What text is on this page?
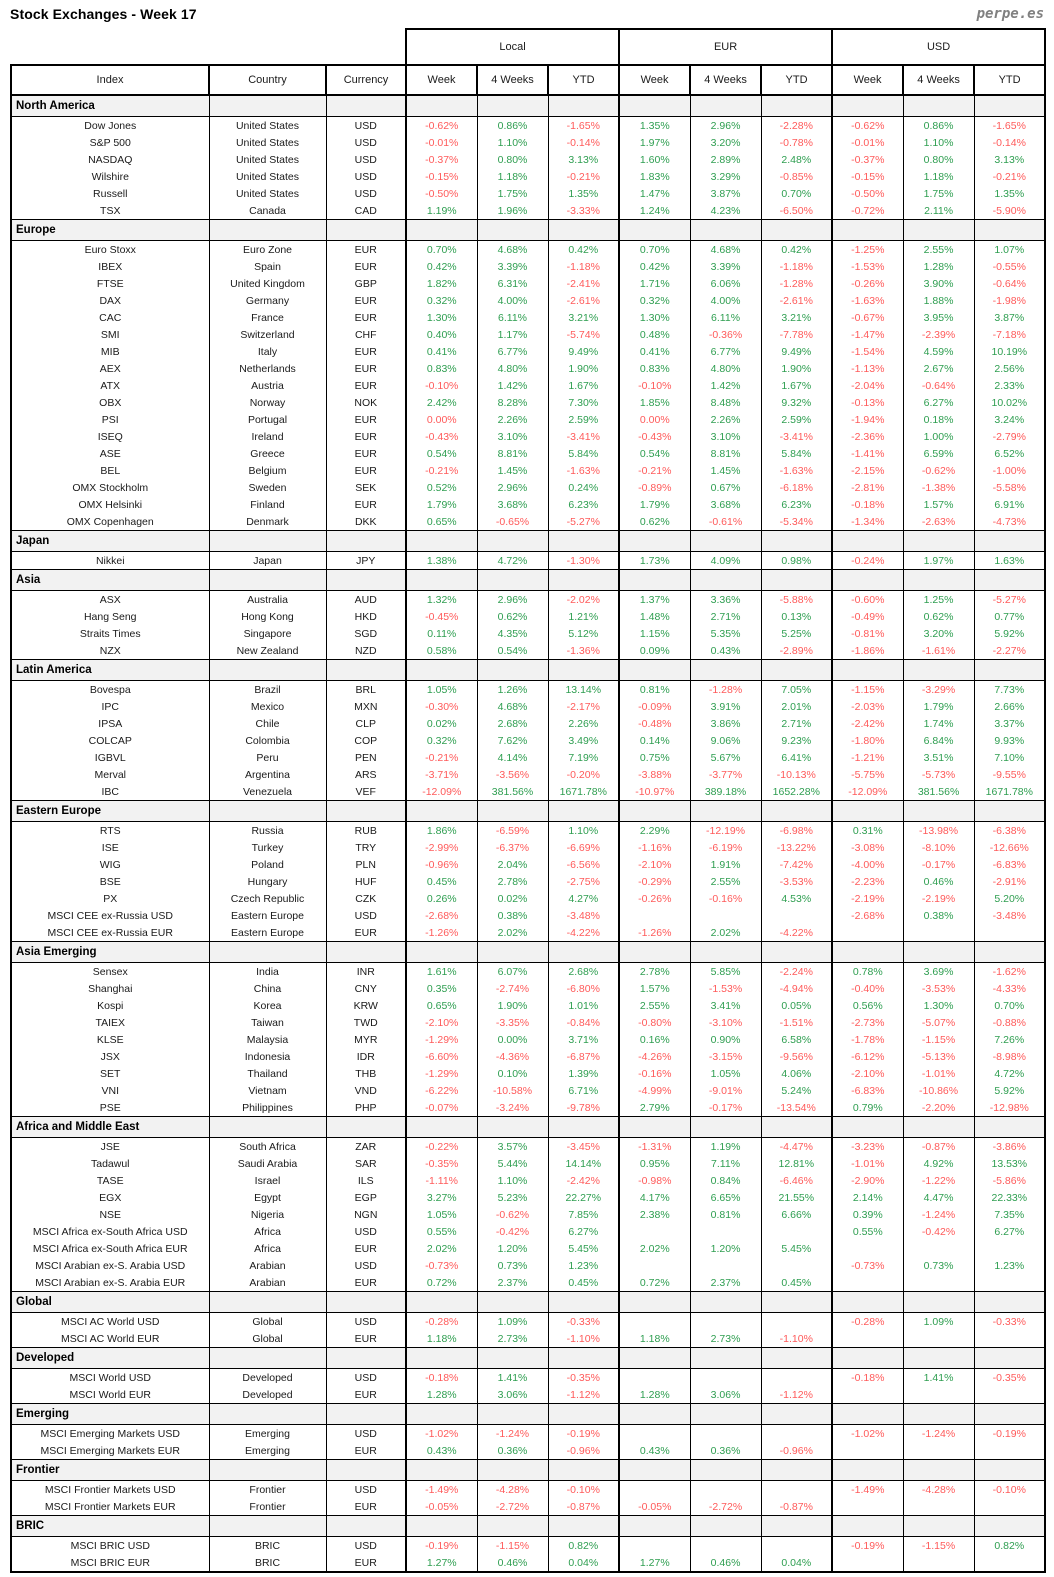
Stock Exchanges - Week 17	perpe.es
			Local			EUR			USD		
Index	Country	Currency	Week	4 Weeks	YTD	Week	4 Weeks	YTD	Week	4 Weeks	YTD
North America											
Dow Jones	United States	USD	-0.62%	0.86%	-1.65%	1.35%	2.96%	-2.28%	-0.62%	0.86%	-1.65%
S&P 500	United States	USD	-0.01%	1.10%	-0.14%	1.97%	3.20%	-0.78%	-0.01%	1.10%	-0.14%
NASDAQ	United States	USD	-0.37%	0.80%	3.13%	1.60%	2.89%	2.48%	-0.37%	0.80%	3.13%
Wilshire	United States	USD	-0.15%	1.18%	-0.21%	1.83%	3.29%	-0.85%	-0.15%	1.18%	-0.21%
Russell	United States	USD	-0.50%	1.75%	1.35%	1.47%	3.87%	0.70%	-0.50%	1.75%	1.35%
TSX	Canada	CAD	1.19%	1.96%	-3.33%	1.24%	4.23%	-6.50%	-0.72%	2.11%	-5.90%
Europe											
Euro Stoxx	Euro Zone	EUR	0.70%	4.68%	0.42%	0.70%	4.68%	0.42%	-1.25%	2.55%	1.07%
IBEX	Spain	EUR	0.42%	3.39%	-1.18%	0.42%	3.39%	-1.18%	-1.53%	1.28%	-0.55%
FTSE	United Kingdom	GBP	1.82%	6.31%	-2.41%	1.71%	6.06%	-1.28%	-0.26%	3.90%	-0.64%
DAX	Germany	EUR	0.32%	4.00%	-2.61%	0.32%	4.00%	-2.61%	-1.63%	1.88%	-1.98%
CAC	France	EUR	1.30%	6.11%	3.21%	1.30%	6.11%	3.21%	-0.67%	3.95%	3.87%
SMI	Switzerland	CHF	0.40%	1.17%	-5.74%	0.48%	-0.36%	-7.78%	-1.47%	-2.39%	-7.18%
MIB	Italy	EUR	0.41%	6.77%	9.49%	0.41%	6.77%	9.49%	-1.54%	4.59%	10.19%
AEX	Netherlands	EUR	0.83%	4.80%	1.90%	0.83%	4.80%	1.90%	-1.13%	2.67%	2.56%
ATX	Austria	EUR	-0.10%	1.42%	1.67%	-0.10%	1.42%	1.67%	-2.04%	-0.64%	2.33%
OBX	Norway	NOK	2.42%	8.28%	7.30%	1.85%	8.48%	9.32%	-0.13%	6.27%	10.02%
PSI	Portugal	EUR	0.00%	2.26%	2.59%	0.00%	2.26%	2.59%	-1.94%	0.18%	3.24%
ISEQ	Ireland	EUR	-0.43%	3.10%	-3.41%	-0.43%	3.10%	-3.41%	-2.36%	1.00%	-2.79%
ASE	Greece	EUR	0.54%	8.81%	5.84%	0.54%	8.81%	5.84%	-1.41%	6.59%	6.52%
BEL	Belgium	EUR	-0.21%	1.45%	-1.63%	-0.21%	1.45%	-1.63%	-2.15%	-0.62%	-1.00%
OMX Stockholm	Sweden	SEK	0.52%	2.96%	0.24%	-0.89%	0.67%	-6.18%	-2.81%	-1.38%	-5.58%
OMX Helsinki	Finland	EUR	1.79%	3.68%	6.23%	1.79%	3.68%	6.23%	-0.18%	1.57%	6.91%
OMX Copenhagen	Denmark	DKK	0.65%	-0.65%	-5.27%	0.62%	-0.61%	-5.34%	-1.34%	-2.63%	-4.73%
Japan											
Nikkei	Japan	JPY	1.38%	4.72%	-1.30%	1.73%	4.09%	0.98%	-0.24%	1.97%	1.63%
Asia											
ASX	Australia	AUD	1.32%	2.96%	-2.02%	1.37%	3.36%	-5.88%	-0.60%	1.25%	-5.27%
Hang Seng	Hong Kong	HKD	-0.45%	0.62%	1.21%	1.48%	2.71%	0.13%	-0.49%	0.62%	0.77%
Straits Times	Singapore	SGD	0.11%	4.35%	5.12%	1.15%	5.35%	5.25%	-0.81%	3.20%	5.92%
NZX	New Zealand	NZD	0.58%	0.54%	-1.36%	0.09%	0.43%	-2.89%	-1.86%	-1.61%	-2.27%
Latin America											
Bovespa	Brazil	BRL	1.05%	1.26%	13.14%	0.81%	-1.28%	7.05%	-1.15%	-3.29%	7.73%
IPC	Mexico	MXN	-0.30%	4.68%	-2.17%	-0.09%	3.91%	2.01%	-2.03%	1.79%	2.66%
IPSA	Chile	CLP	0.02%	2.68%	2.26%	-0.48%	3.86%	2.71%	-2.42%	1.74%	3.37%
COLCAP	Colombia	COP	0.32%	7.62%	3.49%	0.14%	9.06%	9.23%	-1.80%	6.84%	9.93%
IGBVL	Peru	PEN	-0.21%	4.14%	7.19%	0.75%	5.67%	6.41%	-1.21%	3.51%	7.10%
Merval	Argentina	ARS	-3.71%	-3.56%	-0.20%	-3.88%	-3.77%	-10.13%	-5.75%	-5.73%	-9.55%
IBC	Venezuela	VEF	-12.09%	381.56%	1671.78%	-10.97%	389.18%	1652.28%	-12.09%	381.56%	1671.78%
Eastern Europe											
RTS	Russia	RUB	1.86%	-6.59%	1.10%	2.29%	-12.19%	-6.98%	0.31%	-13.98%	-6.38%
ISE	Turkey	TRY	-2.99%	-6.37%	-6.69%	-1.16%	-6.19%	-13.22%	-3.08%	-8.10%	-12.66%
WIG	Poland	PLN	-0.96%	2.04%	-6.56%	-2.10%	1.91%	-7.42%	-4.00%	-0.17%	-6.83%
BSE	Hungary	HUF	0.45%	2.78%	-2.75%	-0.29%	2.55%	-3.53%	-2.23%	0.46%	-2.91%
PX	Czech Republic	CZK	0.26%	0.02%	4.27%	-0.26%	-0.16%	4.53%	-2.19%	-2.19%	5.20%
MSCI CEE ex-Russia USD	Eastern Europe	USD	-2.68%	0.38%	-3.48%				-2.68%	0.38%	-3.48%
MSCI CEE ex-Russia EUR	Eastern Europe	EUR	-1.26%	2.02%	-4.22%	-1.26%	2.02%	-4.22%			
Asia Emerging											
Sensex	India	INR	1.61%	6.07%	2.68%	2.78%	5.85%	-2.24%	0.78%	3.69%	-1.62%
Shanghai	China	CNY	0.35%	-2.74%	-6.80%	1.57%	-1.53%	-4.94%	-0.40%	-3.53%	-4.33%
Kospi	Korea	KRW	0.65%	1.90%	1.01%	2.55%	3.41%	0.05%	0.56%	1.30%	0.70%
TAIEX	Taiwan	TWD	-2.10%	-3.35%	-0.84%	-0.80%	-3.10%	-1.51%	-2.73%	-5.07%	-0.88%
KLSE	Malaysia	MYR	-1.29%	0.00%	3.71%	0.16%	0.90%	6.58%	-1.78%	-1.15%	7.26%
JSX	Indonesia	IDR	-6.60%	-4.36%	-6.87%	-4.26%	-3.15%	-9.56%	-6.12%	-5.13%	-8.98%
SET	Thailand	THB	-1.29%	0.10%	1.39%	-0.16%	1.05%	4.06%	-2.10%	-1.01%	4.72%
VNI	Vietnam	VND	-6.22%	-10.58%	6.71%	-4.99%	-9.01%	5.24%	-6.83%	-10.86%	5.92%
PSE	Philippines	PHP	-0.07%	-3.24%	-9.78%	2.79%	-0.17%	-13.54%	0.79%	-2.20%	-12.98%
Africa and Middle East											
JSE	South Africa	ZAR	-0.22%	3.57%	-3.45%	-1.31%	1.19%	-4.47%	-3.23%	-0.87%	-3.86%
Tadawul	Saudi Arabia	SAR	-0.35%	5.44%	14.14%	0.95%	7.11%	12.81%	-1.01%	4.92%	13.53%
TASE	Israel	ILS	-1.11%	1.10%	-2.42%	-0.98%	0.84%	-6.46%	-2.90%	-1.22%	-5.86%
EGX	Egypt	EGP	3.27%	5.23%	22.27%	4.17%	6.65%	21.55%	2.14%	4.47%	22.33%
NSE	Nigeria	NGN	1.05%	-0.62%	7.85%	2.38%	0.81%	6.66%	0.39%	-1.24%	7.35%
MSCI Africa ex-South Africa USD	Africa	USD	0.55%	-0.42%	6.27%				0.55%	-0.42%	6.27%
MSCI Africa ex-South Africa EUR	Africa	EUR	2.02%	1.20%	5.45%	2.02%	1.20%	5.45%			
MSCI Arabian ex-S. Arabia USD	Arabian	USD	-0.73%	0.73%	1.23%				-0.73%	0.73%	1.23%
MSCI Arabian ex-S. Arabia EUR	Arabian	EUR	0.72%	2.37%	0.45%	0.72%	2.37%	0.45%			
Global											
MSCI AC World USD	Global	USD	-0.28%	1.09%	-0.33%				-0.28%	1.09%	-0.33%
MSCI AC World EUR	Global	EUR	1.18%	2.73%	-1.10%	1.18%	2.73%	-1.10%			
Developed											
MSCI World USD	Developed	USD	-0.18%	1.41%	-0.35%				-0.18%	1.41%	-0.35%
MSCI World EUR	Developed	EUR	1.28%	3.06%	-1.12%	1.28%	3.06%	-1.12%			
Emerging											
MSCI Emerging Markets USD	Emerging	USD	-1.02%	-1.24%	-0.19%				-1.02%	-1.24%	-0.19%
MSCI Emerging Markets EUR	Emerging	EUR	0.43%	0.36%	-0.96%	0.43%	0.36%	-0.96%			
Frontier											
MSCI Frontier Markets USD	Frontier	USD	-1.49%	-4.28%	-0.10%				-1.49%	-4.28%	-0.10%
MSCI Frontier Markets EUR	Frontier	EUR	-0.05%	-2.72%	-0.87%	-0.05%	-2.72%	-0.87%			
BRIC											
MSCI BRIC USD	BRIC	USD	-0.19%	-1.15%	0.82%				-0.19%	-1.15%	0.82%
MSCI BRIC EUR	BRIC	EUR	1.27%	0.46%	0.04%	1.27%	0.46%	0.04%			
